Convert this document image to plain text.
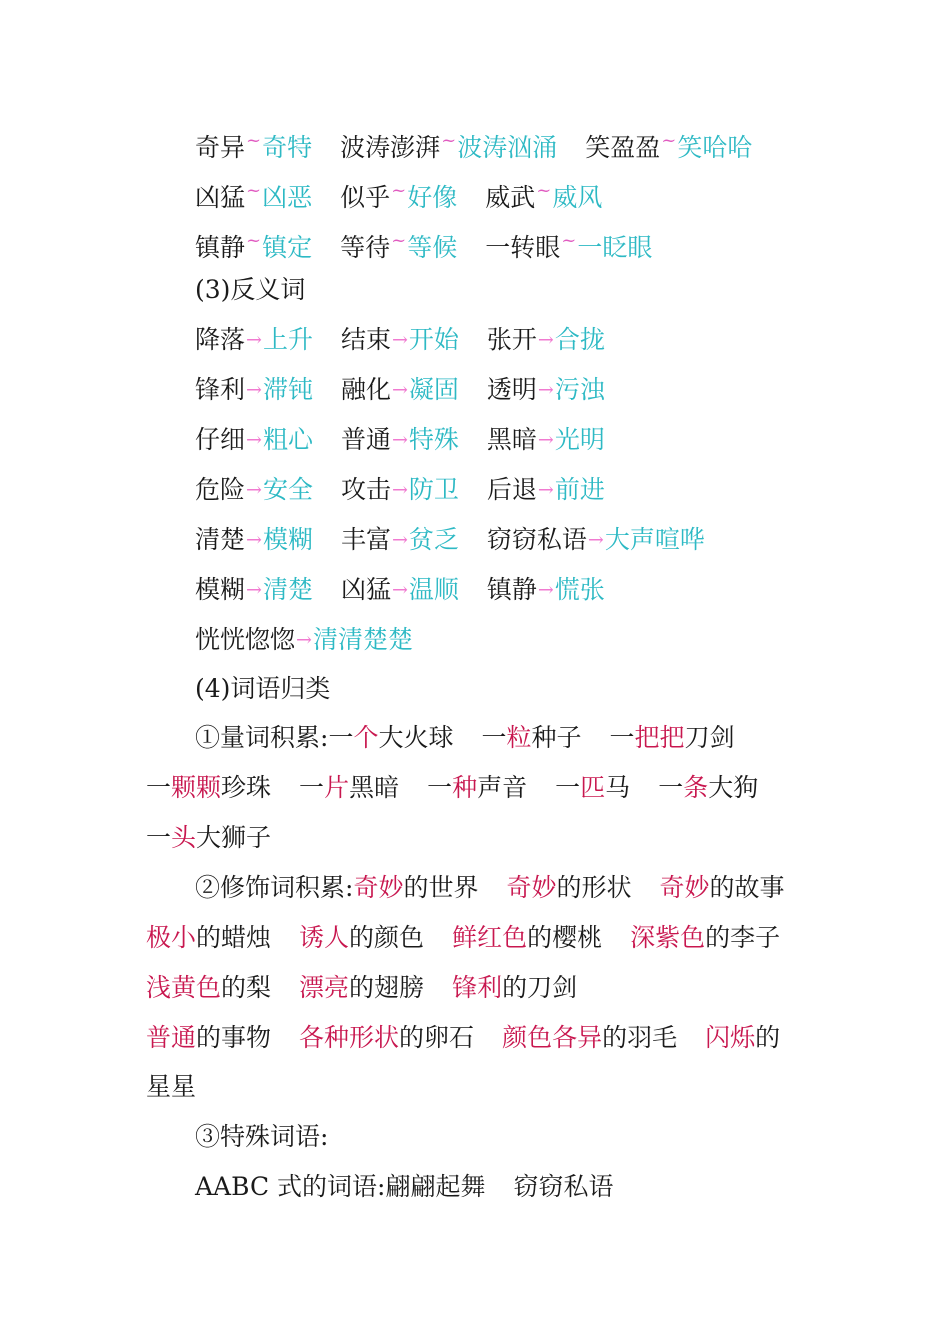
奇异~奇特 波涛澎湃~波涛汹涌 笑盈盈~笑哈哈
凶猛~凶恶 似乎~好像 威武~威风
镇静~镇定 等待~等候 一转眼~一眨眼
(3)反义词
降落→上升 结束→开始 张开→合拢
锋利→滞钝 融化→凝固 透明→污浊
仔细→粗心 普通→特殊 黑暗→光明
危险→安全 攻击→防卫 后退→前进
清楚→模糊 丰富→贫乏 窃窃私语→大声喧哗
模糊→清楚 凶猛→温顺 镇静→慌张
恍恍惚惚→清清楚楚
(4)词语归类
①量词积累:一个大火球 一粒种子 一把把刀剑
一颗颗珍珠 一片黑暗 一种声音 一匹马 一条大狗
一头大狮子
②修饰词积累:奇妙的世界 奇妙的形状 奇妙的故事
极小的蜡烛 诱人的颜色 鲜红色的樱桃 深紫色的李子
浅黄色的梨 漂亮的翅膀 锋利的刀剑
普通的事物 各种形状的卵石 颜色各异的羽毛 闪烁的
星星
③特殊词语:
AABC 式的词语:翩翩起舞 窃窃私语
